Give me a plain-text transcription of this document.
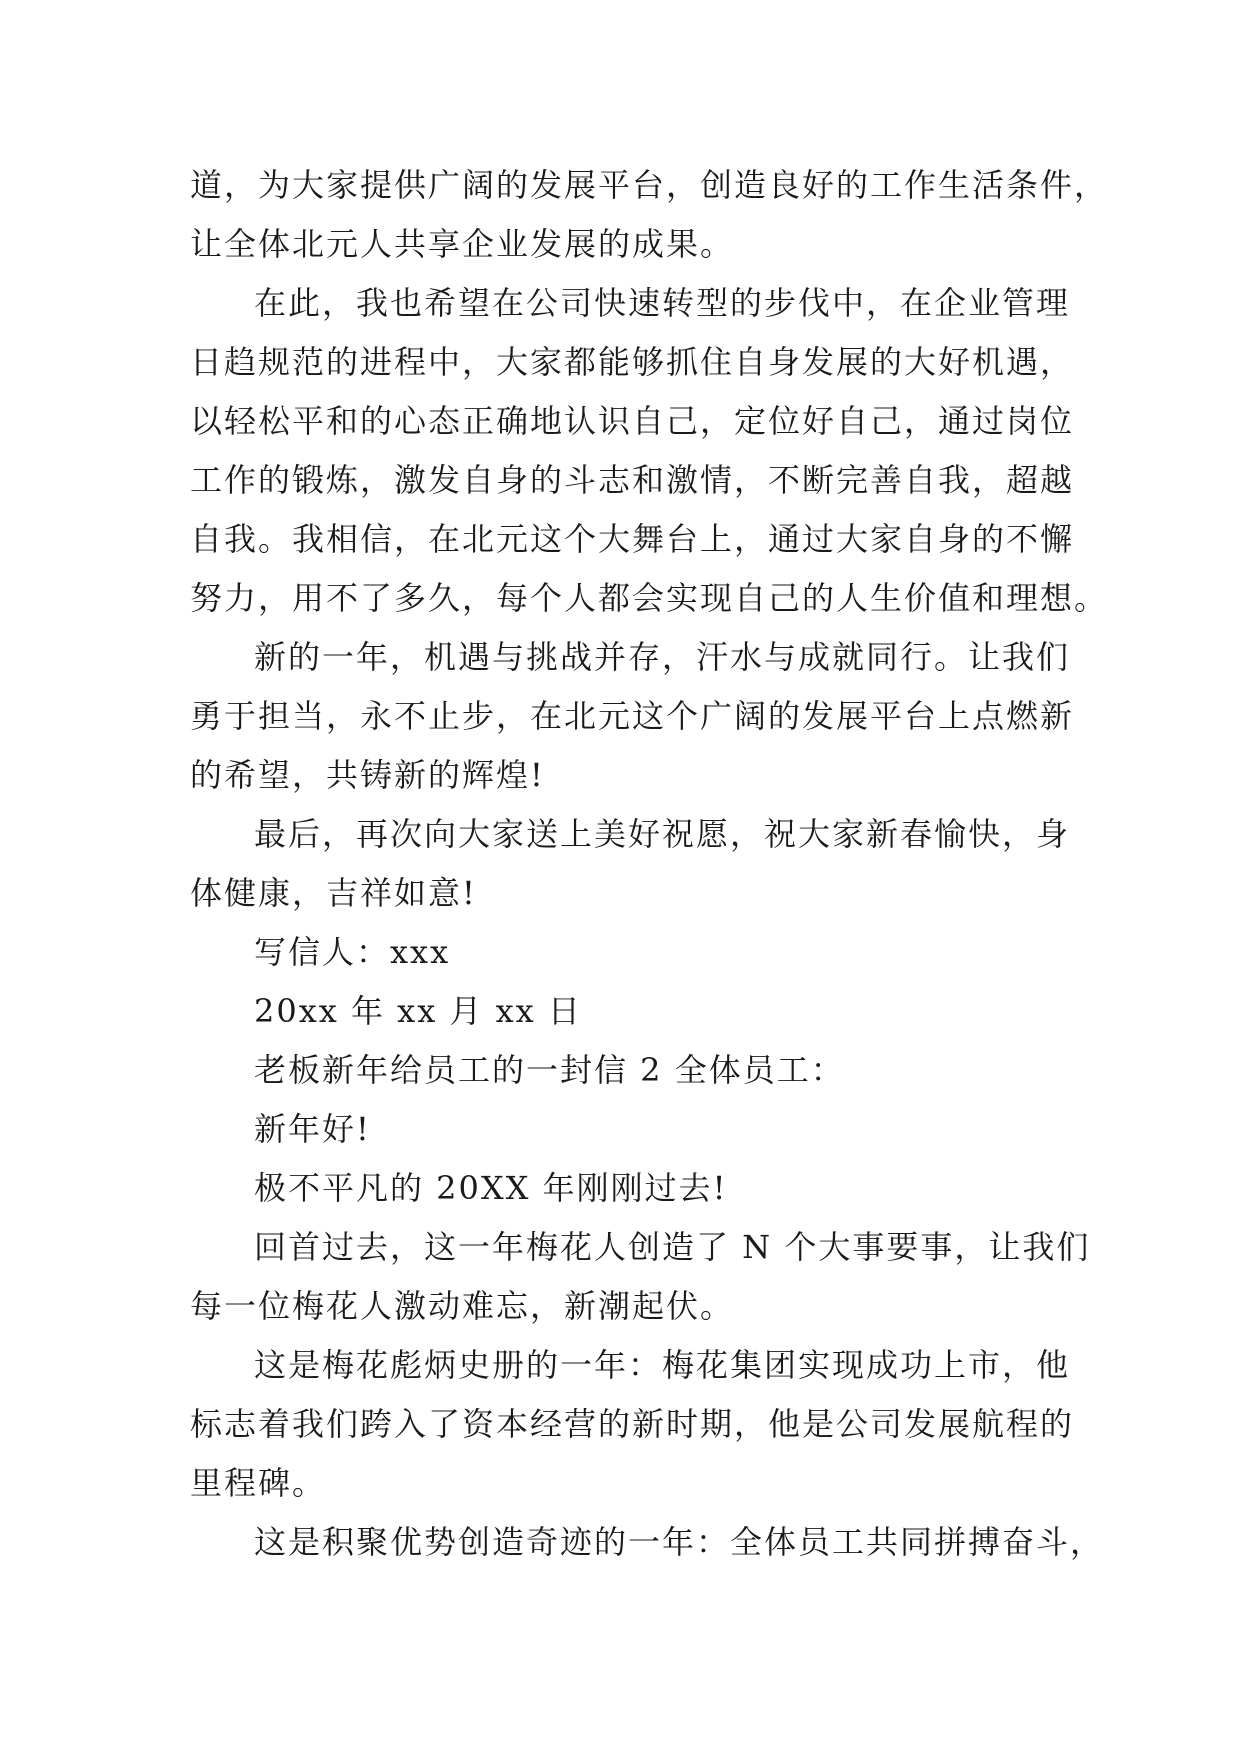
道，为大家提供广阔的发展平台，创造良好的工作生活条件，
让全体北元人共享企业发展的成果。
在此，我也希望在公司快速转型的步伐中，在企业管理
日趋规范的进程中，大家都能够抓住自身发展的大好机遇，
以轻松平和的心态正确地认识自己，定位好自己，通过岗位
工作的锻炼，激发自身的斗志和激情，不断完善自我，超越
自我。我相信，在北元这个大舞台上，通过大家自身的不懈
努力，用不了多久，每个人都会实现自己的人生价值和理想。
新的一年，机遇与挑战并存，汗水与成就同行。让我们
勇于担当，永不止步，在北元这个广阔的发展平台上点燃新
的希望，共铸新的辉煌!
最后，再次向大家送上美好祝愿，祝大家新春愉快，身
体健康，吉祥如意!
写信人：xxx
20xx 年 xx 月 xx 日
老板新年给员工的一封信 2 全体员工：
新年好!
极不平凡的 20XX 年刚刚过去!
回首过去，这一年梅花人创造了 N 个大事要事，让我们
每一位梅花人激动难忘，新潮起伏。
这是梅花彪炳史册的一年：梅花集团实现成功上市，他
标志着我们跨入了资本经营的新时期，他是公司发展航程的
里程碑。
这是积聚优势创造奇迹的一年：全体员工共同拼搏奋斗，
